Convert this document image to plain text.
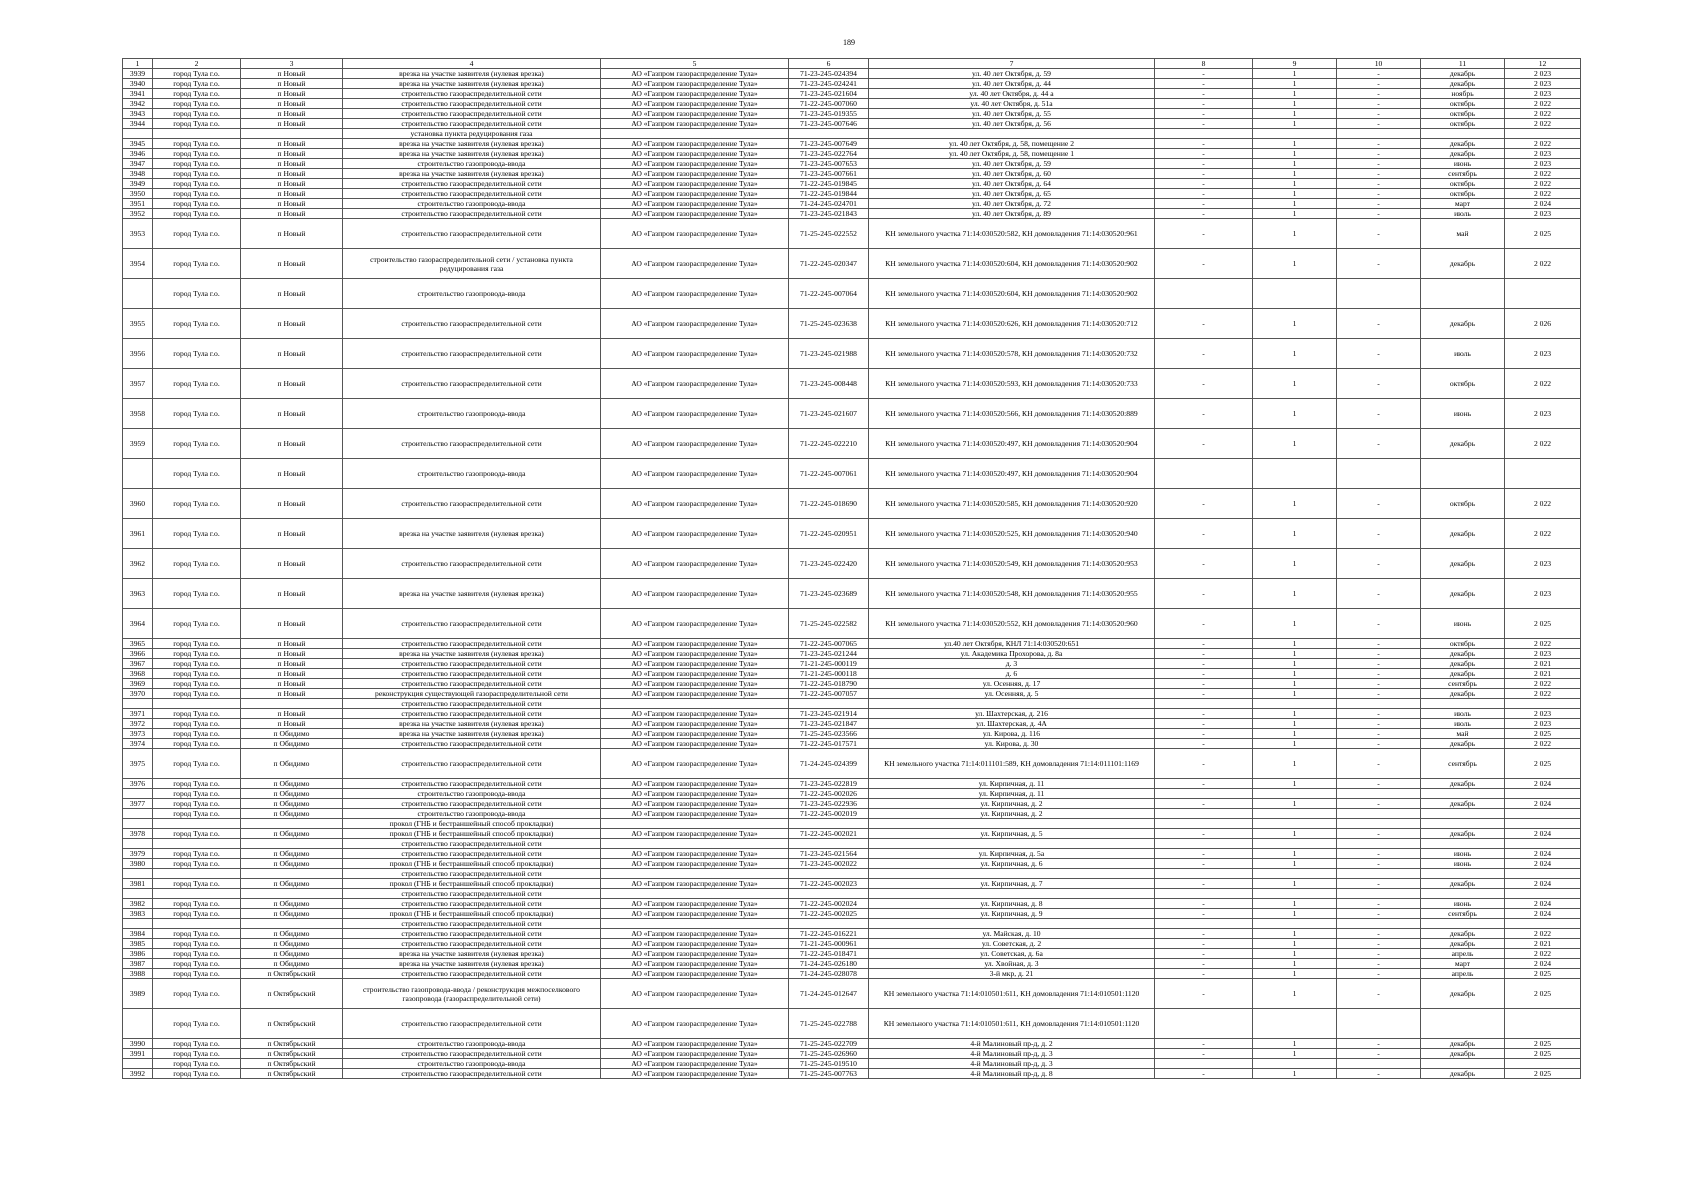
189
1	2	3	4	5	6	7	8	9	10	11	12
3939	город Тула г.о.	п Новый	врезка на участке заявителя (нулевая врезка)	АО «Газпром газораспределение Тула»	71-23-245-024394	ул. 40 лет Октября, д. 59	-	1	-	декабрь	2 023
3940	город Тула г.о.	п Новый	врезка на участке заявителя (нулевая врезка)	АО «Газпром газораспределение Тула»	71-23-245-024241	ул. 40 лет Октября, д. 44	-	1	-	декабрь	2 023
3941	город Тула г.о.	п Новый	строительство газораспределительной сети	АО «Газпром газораспределение Тула»	71-23-245-021604	ул. 40 лет Октября, д. 44 а	-	1	-	ноябрь	2 023
3942	город Тула г.о.	п Новый	строительство газораспределительной сети	АО «Газпром газораспределение Тула»	71-22-245-007060	ул. 40 лет Октября, д. 51а	-	1	-	октябрь	2 022
3943	город Тула г.о.	п Новый	строительство газораспределительной сети	АО «Газпром газораспределение Тула»	71-23-245-019355	ул. 40 лет Октября, д. 55	-	1	-	октябрь	2 022
3944	город Тула г.о.	п Новый	строительство газораспределительной сети	АО «Газпром газораспределение Тула»	71-23-245-007646	ул. 40 лет Октября, д. 56	-	1	-	октябрь	2 022
			установка пункта редуцирования газа								
3945	город Тула г.о.	п Новый	врезка на участке заявителя (нулевая врезка)	АО «Газпром газораспределение Тула»	71-23-245-007649	ул. 40 лет Октября, д. 58, помещение 2	-	1	-	декабрь	2 022
3946	город Тула г.о.	п Новый	врезка на участке заявителя (нулевая врезка)	АО «Газпром газораспределение Тула»	71-23-245-022764	ул. 40 лет Октября, д. 58, помещение 1	-	1	-	декабрь	2 023
3947	город Тула г.о.	п Новый	строительство газопровода-ввода	АО «Газпром газораспределение Тула»	71-23-245-007653	ул. 40 лет Октября, д. 59	-	1	-	июнь	2 023
3948	город Тула г.о.	п Новый	врезка на участке заявителя (нулевая врезка)	АО «Газпром газораспределение Тула»	71-23-245-007661	ул. 40 лет Октября, д. 60	-	1	-	сентябрь	2 022
3949	город Тула г.о.	п Новый	строительство газораспределительной сети	АО «Газпром газораспределение Тула»	71-22-245-019845	ул. 40 лет Октября, д. 64	-	1	-	октябрь	2 022
3950	город Тула г.о.	п Новый	строительство газораспределительной сети	АО «Газпром газораспределение Тула»	71-22-245-019844	ул. 40 лет Октября, д. 65	-	1	-	октябрь	2 022
3951	город Тула г.о.	п Новый	строительство газопровода-ввода	АО «Газпром газораспределение Тула»	71-24-245-024701	ул. 40 лет Октября, д. 72	-	1	-	март	2 024
3952	город Тула г.о.	п Новый	строительство газораспределительной сети	АО «Газпром газораспределение Тула»	71-23-245-021843	ул. 40 лет Октября, д. 89	-	1	-	июль	2 023
3953	город Тула г.о.	п Новый	строительство газораспределительной сети	АО «Газпром газораспределение Тула»	71-25-245-022552	КН земельного участка 71:14:030520:582, КН домовладения 71:14:030520:961	-	1	-	май	2 025
3954	город Тула г.о.	п Новый	строительство газораспределительной сети / установка пункта редуцирования газа	АО «Газпром газораспределение Тула»	71-22-245-020347	КН земельного участка 71:14:030520:604, КН домовладения 71:14:030520:902	-	1	-	декабрь	2 022
	город Тула г.о.	п Новый	строительство газопровода-ввода	АО «Газпром газораспределение Тула»	71-22-245-007064	КН земельного участка 71:14:030520:604, КН домовладения 71:14:030520:902					
3955	город Тула г.о.	п Новый	строительство газораспределительной сети	АО «Газпром газораспределение Тула»	71-25-245-023638	КН земельного участка 71:14:030520:626, КН домовладения 71:14:030520:712	-	1	-	декабрь	2 026
3956	город Тула г.о.	п Новый	строительство газораспределительной сети	АО «Газпром газораспределение Тула»	71-23-245-021988	КН земельного участка 71:14:030520:578, КН домовладения 71:14:030520:732	-	1	-	июль	2 023
3957	город Тула г.о.	п Новый	строительство газораспределительной сети	АО «Газпром газораспределение Тула»	71-23-245-008448	КН земельного участка 71:14:030520:593, КН домовладения 71:14:030520:733	-	1	-	октябрь	2 022
3958	город Тула г.о.	п Новый	строительство газопровода-ввода	АО «Газпром газораспределение Тула»	71-23-245-021607	КН земельного участка 71:14:030520:566, КН домовладения 71:14:030520:889	-	1	-	июнь	2 023
3959	город Тула г.о.	п Новый	строительство газораспределительной сети	АО «Газпром газораспределение Тула»	71-22-245-022210	КН земельного участка 71:14:030520:497, КН домовладения 71:14:030520:904	-	1	-	декабрь	2 022
	город Тула г.о.	п Новый	строительство газопровода-ввода	АО «Газпром газораспределение Тула»	71-22-245-007061	КН земельного участка 71:14:030520:497, КН домовладения 71:14:030520:904					
3960	город Тула г.о.	п Новый	строительство газораспределительной сети	АО «Газпром газораспределение Тула»	71-22-245-018690	КН земельного участка 71:14:030520:585, КН домовладения 71:14:030520:920	-	1	-	октябрь	2 022
3961	город Тула г.о.	п Новый	врезка на участке заявителя (нулевая врезка)	АО «Газпром газораспределение Тула»	71-22-245-020951	КН земельного участка 71:14:030520:525, КН домовладения 71:14:030520:940	-	1	-	декабрь	2 022
3962	город Тула г.о.	п Новый	строительство газораспределительной сети	АО «Газпром газораспределение Тула»	71-23-245-022420	КН земельного участка 71:14:030520:549, КН домовладения 71:14:030520:953	-	1	-	декабрь	2 023
3963	город Тула г.о.	п Новый	врезка на участке заявителя (нулевая врезка)	АО «Газпром газораспределение Тула»	71-23-245-023689	КН земельного участка 71:14:030520:548, КН домовладения 71:14:030520:955	-	1	-	декабрь	2 023
3964	город Тула г.о.	п Новый	строительство газораспределительной сети	АО «Газпром газораспределение Тула»	71-25-245-022582	КН земельного участка 71:14:030520:552, КН домовладения 71:14:030520:960	-	1	-	июнь	2 025
3965	город Тула г.о.	п Новый	строительство газораспределительной сети	АО «Газпром газораспределение Тула»	71-22-245-007065	ул.40 лет Октября, КНЛ 71:14:030520:651	-	1	-	октябрь	2 022
3966	город Тула г.о.	п Новый	врезка на участке заявителя (нулевая врезка)	АО «Газпром газораспределение Тула»	71-23-245-021244	ул. Академика Прохорова, д. 8а	-	1	-	декабрь	2 023
3967	город Тула г.о.	п Новый	строительство газораспределительной сети	АО «Газпром газораспределение Тула»	71-21-245-000119	д. 3	-	1	-	декабрь	2 021
3968	город Тула г.о.	п Новый	строительство газораспределительной сети	АО «Газпром газораспределение Тула»	71-21-245-000118	д. 6	-	1	-	декабрь	2 021
3969	город Тула г.о.	п Новый	строительство газораспределительной сети	АО «Газпром газораспределение Тула»	71-22-245-018790	ул. Осенняя, д. 17	-	1	-	сентябрь	2 022
3970	город Тула г.о.	п Новый	реконструкция существующей газораспределительной сети	АО «Газпром газораспределение Тула»	71-22-245-007057	ул. Осенняя, д. 5	-	1	-	декабрь	2 022
			строительство газораспределительной сети								
3971	город Тула г.о.	п Новый	строительство газораспределительной сети	АО «Газпром газораспределение Тула»	71-23-245-021914	ул. Шахтерская, д. 216	-	1	-	июль	2 023
3972	город Тула г.о.	п Новый	врезка на участке заявителя (нулевая врезка)	АО «Газпром газораспределение Тула»	71-23-245-021847	ул. Шахтерская, д. 4А	-	1	-	июль	2 023
3973	город Тула г.о.	п Обидимо	врезка на участке заявителя (нулевая врезка)	АО «Газпром газораспределение Тула»	71-25-245-023566	ул. Кирова, д. 116	-	1	-	май	2 025
3974	город Тула г.о.	п Обидимо	строительство газораспределительной сети	АО «Газпром газораспределение Тула»	71-22-245-017571	ул. Кирова, д. 30	-	1	-	декабрь	2 022
3975	город Тула г.о.	п Обидимо	строительство газораспределительной сети	АО «Газпром газораспределение Тула»	71-24-245-024399	КН земельного участка 71:14:011101:589, КН домовладения 71:14:011101:1169	-	1	-	сентябрь	2 025
3976	город Тула г.о.	п Обидимо	строительство газораспределительной сети	АО «Газпром газораспределение Тула»	71-23-245-022819	ул. Кирпичная, д. 11	-	1	-	декабрь	2 024
	город Тула г.о.	п Обидимо	строительство газопровода-ввода	АО «Газпром газораспределение Тула»	71-22-245-002026	ул. Кирпичная, д. 11					
3977	город Тула г.о.	п Обидимо	строительство газораспределительной сети	АО «Газпром газораспределение Тула»	71-23-245-022936	ул. Кирпичная, д. 2	-	1	-	декабрь	2 024
	город Тула г.о.	п Обидимо	строительство газопровода-ввода	АО «Газпром газораспределение Тула»	71-22-245-002019	ул. Кирпичная, д. 2					
			прокол (ГНБ и бестраншейный способ прокладки)								
3978	город Тула г.о.	п Обидимо	прокол (ГНБ и бестраншейный способ прокладки)	АО «Газпром газораспределение Тула»	71-22-245-002021	ул. Кирпичная, д. 5	-	1	-	декабрь	2 024
			строительство газораспределительной сети								
3979	город Тула г.о.	п Обидимо	строительство газораспределительной сети	АО «Газпром газораспределение Тула»	71-23-245-021564	ул. Кирпичная, д. 5а	-	1	-	июнь	2 024
3980	город Тула г.о.	п Обидимо	прокол (ГНБ и бестраншейный способ прокладки)	АО «Газпром газораспределение Тула»	71-23-245-002022	ул. Кирпичная, д. 6	-	1	-	июнь	2 024
			строительство газораспределительной сети								
3981	город Тула г.о.	п Обидимо	прокол (ГНБ и бестраншейный способ прокладки)	АО «Газпром газораспределение Тула»	71-22-245-002023	ул. Кирпичная, д. 7	-	1	-	декабрь	2 024
			строительство газораспределительной сети								
3982	город Тула г.о.	п Обидимо	строительство газораспределительной сети	АО «Газпром газораспределение Тула»	71-22-245-002024	ул. Кирпичная, д. 8	-	1	-	июнь	2 024
3983	город Тула г.о.	п Обидимо	прокол (ГНБ и бестраншейный способ прокладки)	АО «Газпром газораспределение Тула»	71-22-245-002025	ул. Кирпичная, д. 9	-	1	-	сентябрь	2 024
			строительство газораспределительной сети								
3984	город Тула г.о.	п Обидимо	строительство газораспределительной сети	АО «Газпром газораспределение Тула»	71-22-245-016221	ул. Майская, д. 10	-	1	-	декабрь	2 022
3985	город Тула г.о.	п Обидимо	строительство газораспределительной сети	АО «Газпром газораспределение Тула»	71-21-245-000961	ул. Советская, д. 2	-	1	-	декабрь	2 021
3986	город Тула г.о.	п Обидимо	врезка на участке заявителя (нулевая врезка)	АО «Газпром газораспределение Тула»	71-22-245-018471	ул. Советская, д. 6а	-	1	-	апрель	2 022
3987	город Тула г.о.	п Обидимо	врезка на участке заявителя (нулевая врезка)	АО «Газпром газораспределение Тула»	71-24-245-026180	ул. Хвойная, д. 3	-	1	-	март	2 024
3988	город Тула г.о.	п Октябрьский	строительство газораспределительной сети	АО «Газпром газораспределение Тула»	71-24-245-028078	3-й мкр, д. 21	-	1	-	апрель	2 025
3989	город Тула г.о.	п Октябрьский	строительство газопровода-ввода / реконструкция межпоселкового газопровода (газораспределительной сети)	АО «Газпром газораспределение Тула»	71-24-245-012647	КН земельного участка 71:14:010501:611, КН домовладения 71:14:010501:1120	-	1	-	декабрь	2 025
	город Тула г.о.	п Октябрьский	строительство газораспределительной сети	АО «Газпром газораспределение Тула»	71-25-245-022788	КН земельного участка 71:14:010501:611, КН домовладения 71:14:010501:1120					
3990	город Тула г.о.	п Октябрьский	строительство газопровода-ввода	АО «Газпром газораспределение Тула»	71-25-245-022709	4-й Малиновый пр-д, д. 2	-	1	-	декабрь	2 025
3991	город Тула г.о.	п Октябрьский	строительство газораспределительной сети	АО «Газпром газораспределение Тула»	71-25-245-026960	4-й Малиновый пр-д, д. 3	-	1	-	декабрь	2 025
	город Тула г.о.	п Октябрьский	строительство газопровода-ввода	АО «Газпром газораспределение Тула»	71-25-245-019510	4-й Малиновый пр-д, д. 3					
3992	город Тула г.о.	п Октябрьский	строительство газораспределительной сети	АО «Газпром газораспределение Тула»	71-25-245-007763	4-й Малиновый пр-д, д. 8	-	1	-	декабрь	2 025
